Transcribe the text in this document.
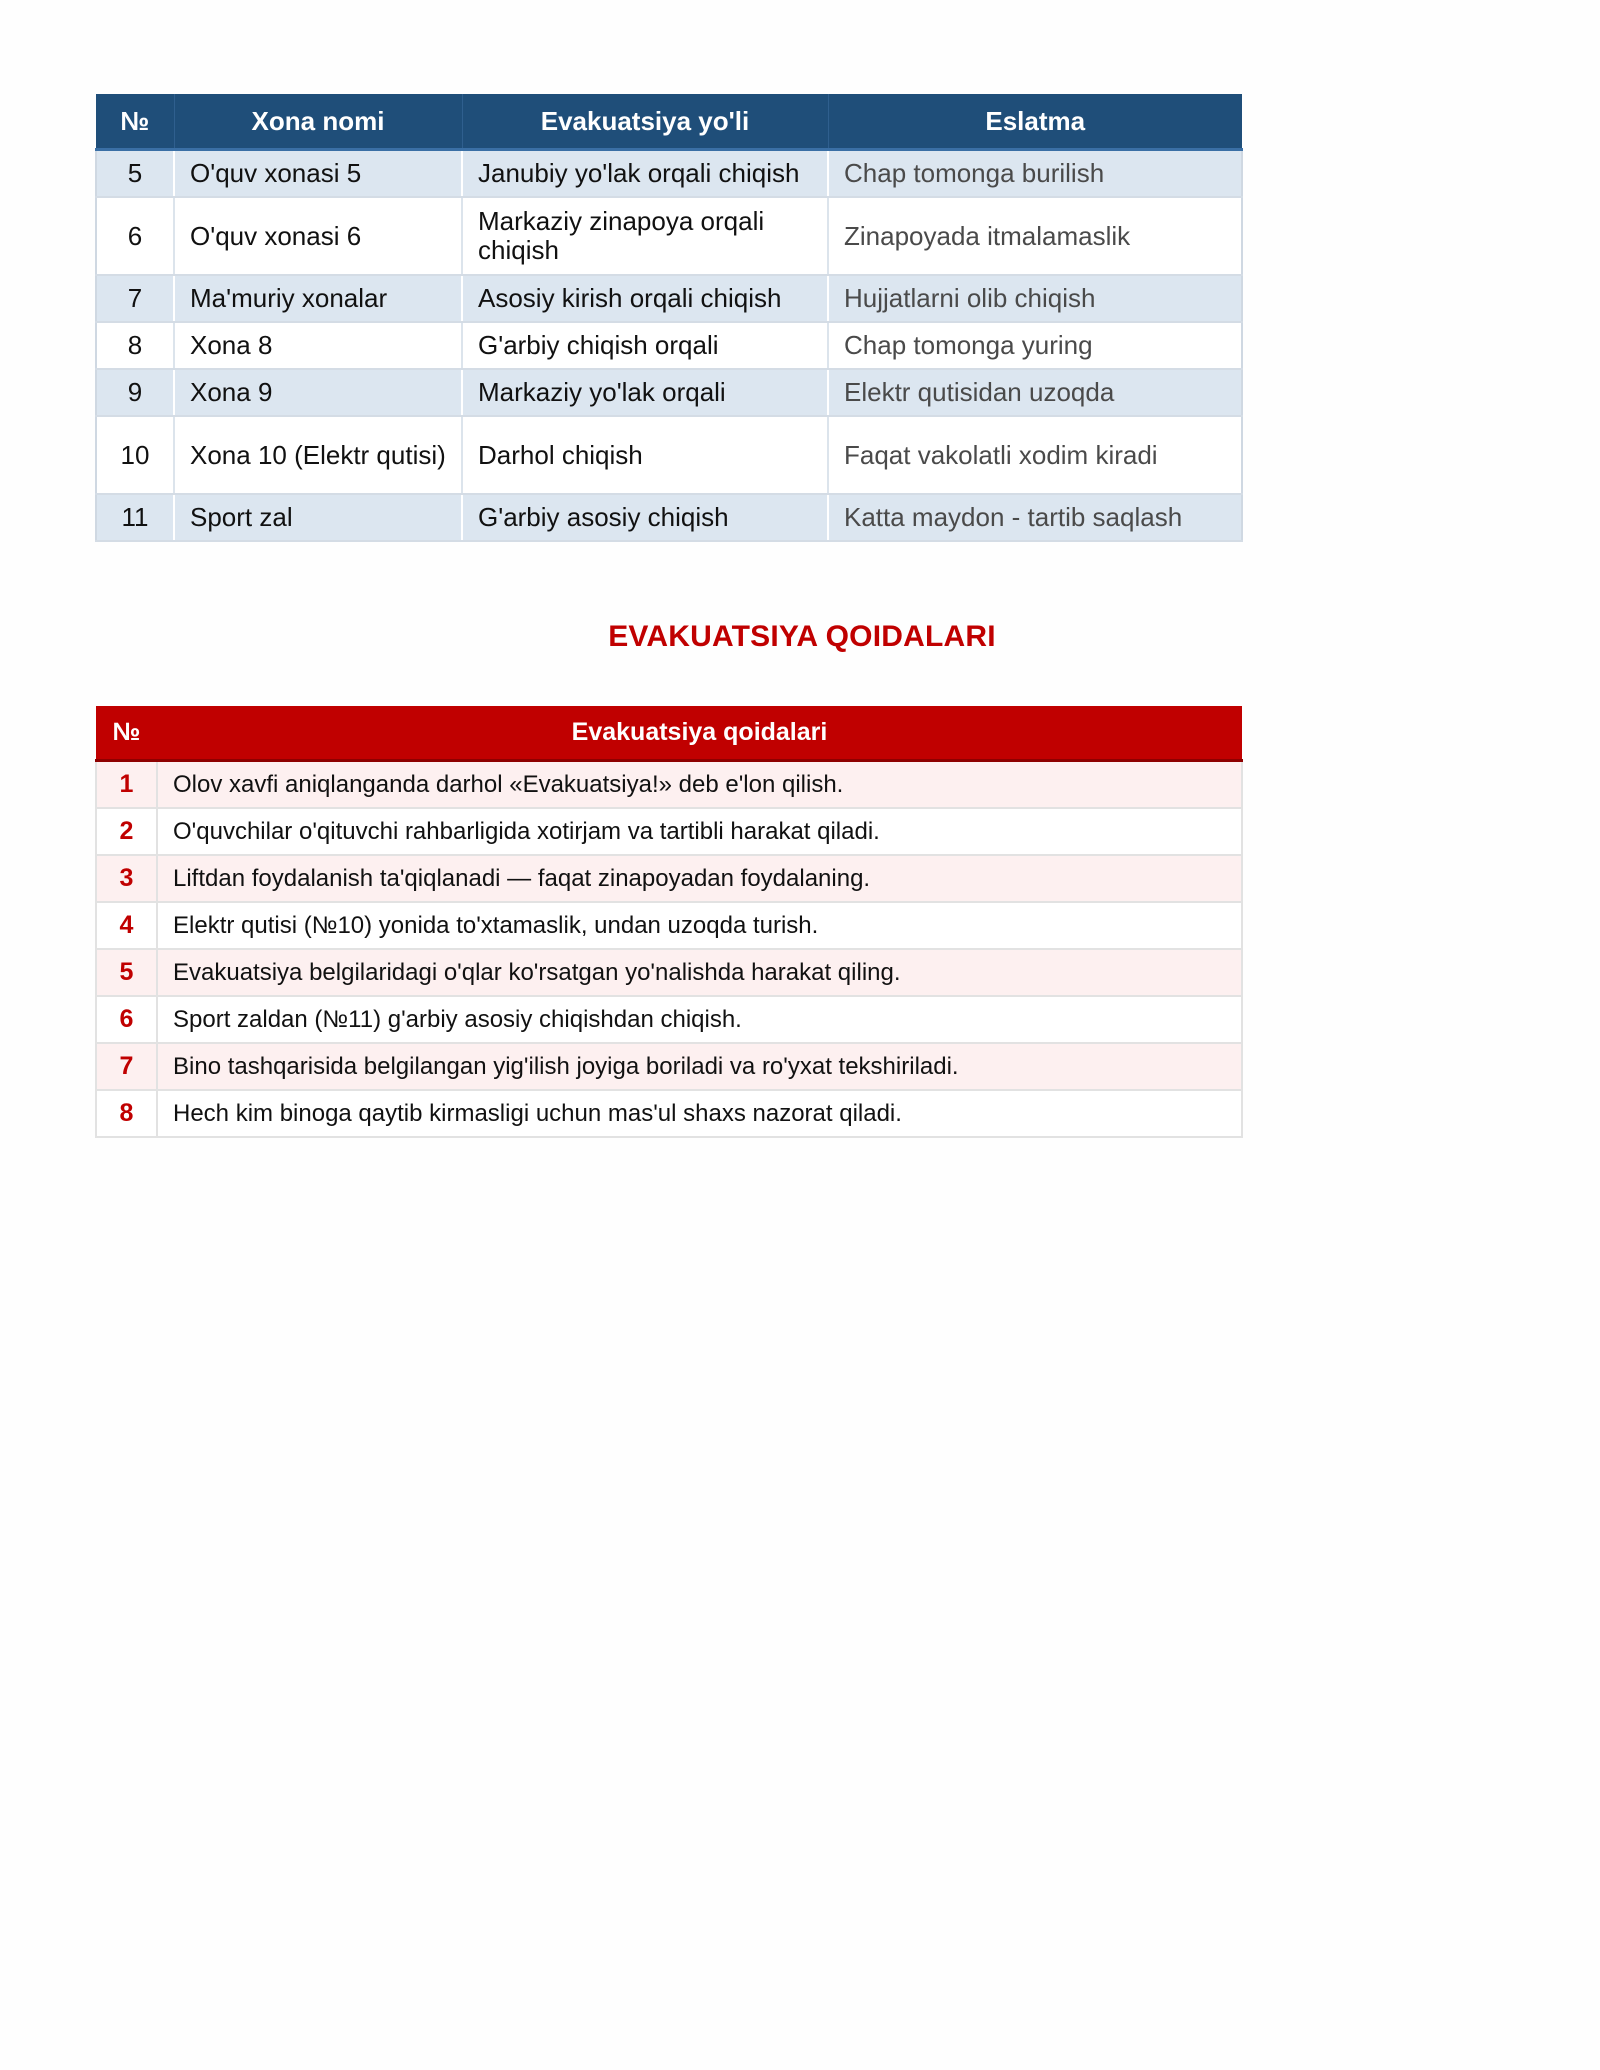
№	Xona nomi	Evakuatsiya yo'li	Eslatma
5	O'quv xonasi 5	Janubiy yo'lak orqali chiqish	Chap tomonga burilish
6	O'quv xonasi 6	Markaziy zinapoya orqali chiqish	Zinapoyada itmalamaslik
7	Ma'muriy xonalar	Asosiy kirish orqali chiqish	Hujjatlarni olib chiqish
8	Xona 8	G'arbiy chiqish orqali	Chap tomonga yuring
9	Xona 9	Markaziy yo'lak orqali	Elektr qutisidan uzoqda
10	Xona 10 (Elektr qutisi)	Darhol chiqish	Faqat vakolatli xodim kiradi
11	Sport zal	G'arbiy asosiy chiqish	Katta maydon - tartib saqlash
EVAKUATSIYA QOIDALARI
№	Evakuatsiya qoidalari
1	Olov xavfi aniqlanganda darhol «Evakuatsiya!» deb e'lon qilish.
2	O'quvchilar o'qituvchi rahbarligida xotirjam va tartibli harakat qiladi.
3	Liftdan foydalanish ta'qiqlanadi — faqat zinapoyadan foydalaning.
4	Elektr qutisi (№10) yonida to'xtamaslik, undan uzoqda turish.
5	Evakuatsiya belgilaridagi o'qlar ko'rsatgan yo'nalishda harakat qiling.
6	Sport zaldan (№11) g'arbiy asosiy chiqishdan chiqish.
7	Bino tashqarisida belgilangan yig'ilish joyiga boriladi va ro'yxat tekshiriladi.
8	Hech kim binoga qaytib kirmasligi uchun mas'ul shaxs nazorat qiladi.
